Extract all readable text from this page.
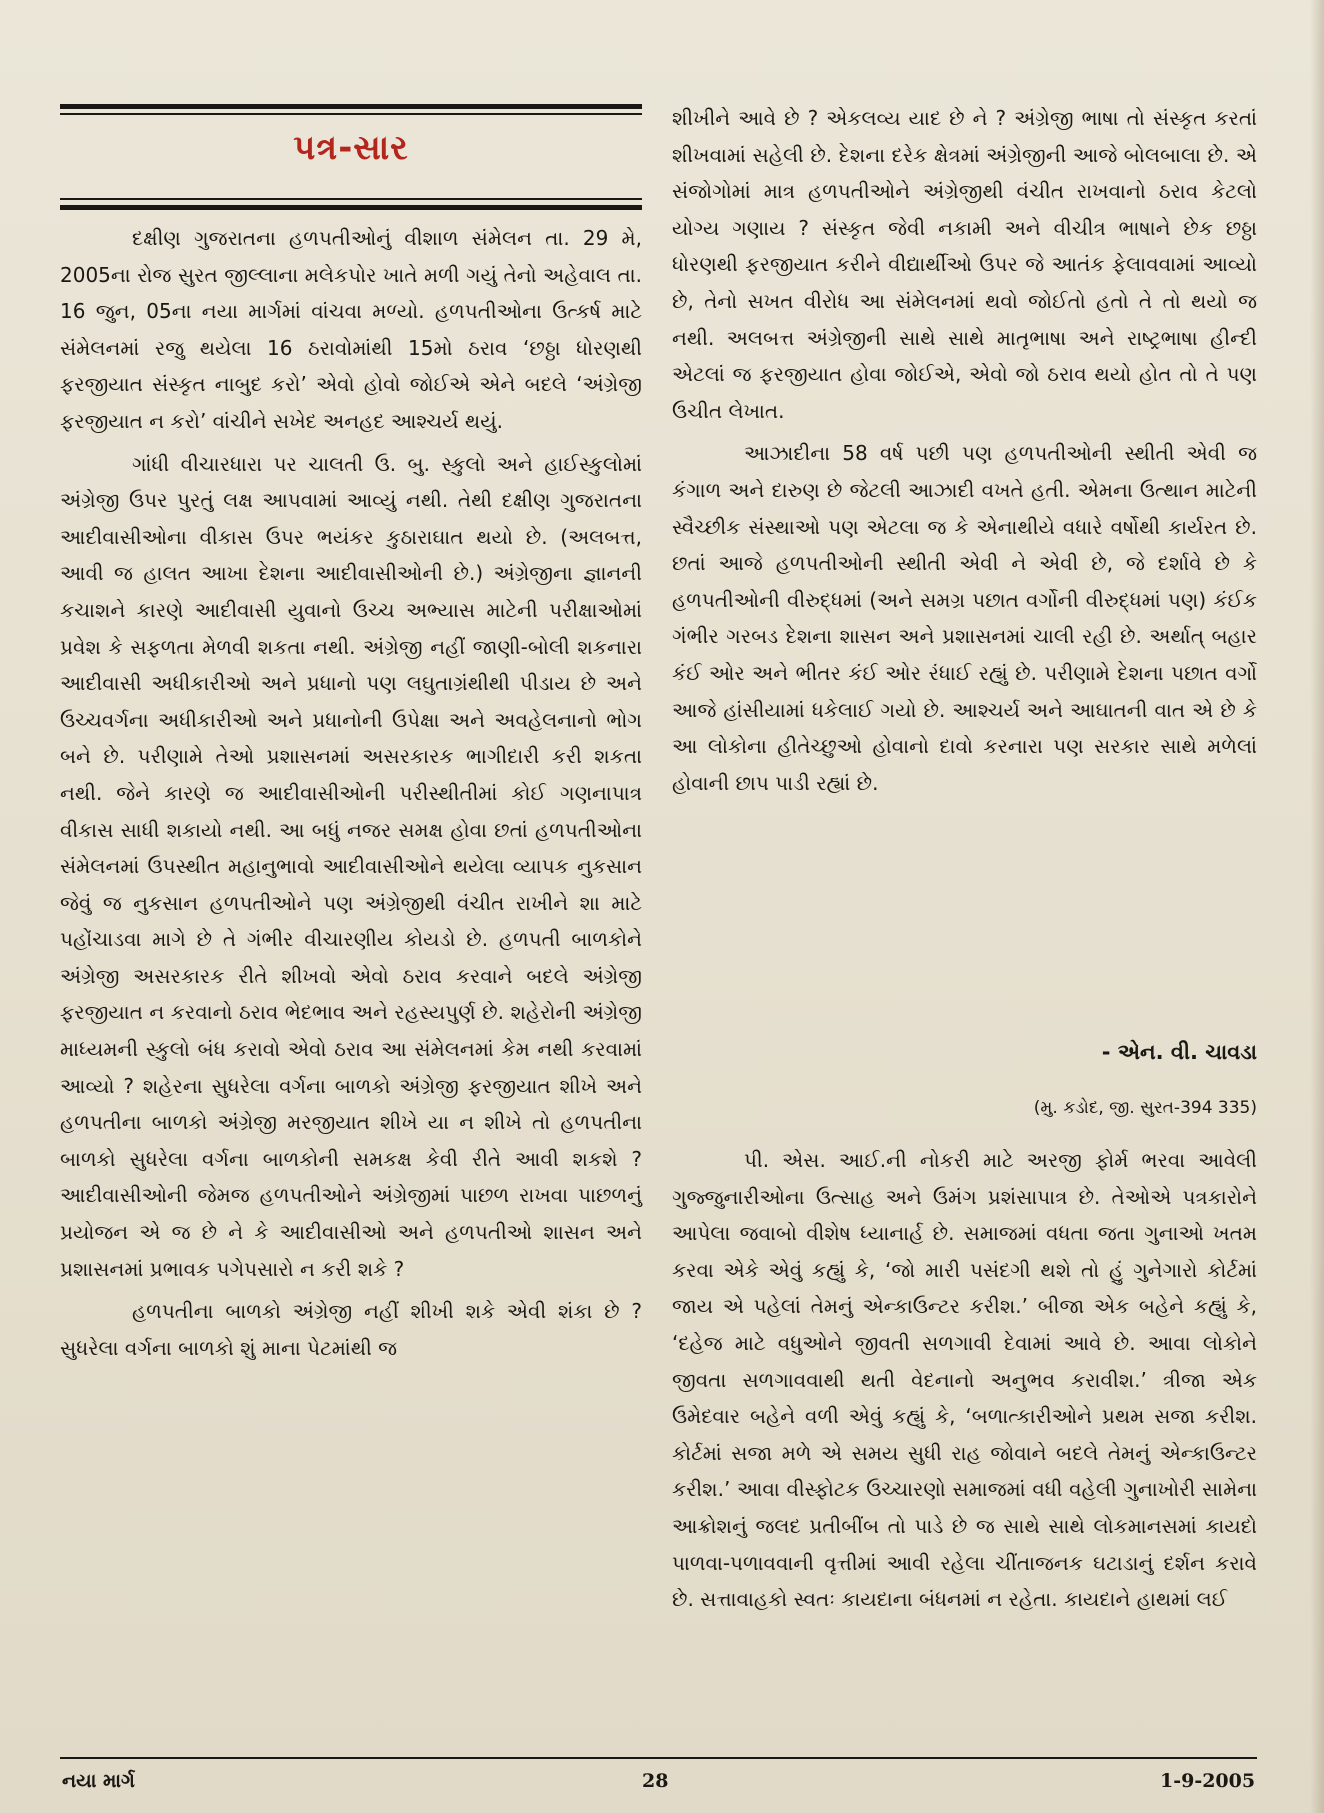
પત્ર-સાર

દક્ષીણ ગુજરાતના હળપતીઓનું વીશાળ સંમેલન તા. 29 મે, 2005ના રોજ સુરત જીલ્લાના મલેકપોર ખાતે મળી ગયું તેનો અહેવાલ તા. 16 જુન, 05ના નયા માર્ગમાં વાંચવા મળ્યો. હળપતીઓના ઉત્કર્ષ માટે સંમેલનમાં રજુ થયેલા 16 ઠરાવોમાંથી 15મો ઠરાવ ‘છઠ્ઠા ધોરણથી ફરજીયાત સંસ્કૃત નાબુદ કરો’ એવો હોવો જોઈએ એને બદલે ‘અંગ્રેજી ફરજીયાત ન કરો’ વાંચીને સખેદ અનહદ આશ્ચર્ય થયું.

ગાંધી વીચારધારા પર ચાલતી ઉ. બુ. સ્કુલો અને હાઈસ્કુલોમાં અંગ્રેજી ઉપર પુરતું લક્ષ આપવામાં આવ્યું નથી. તેથી દક્ષીણ ગુજરાતના આદીવાસીઓના વીકાસ ઉપર ભયંકર કુઠારાઘાત થયો છે. (અલબત્ત, આવી જ હાલત આખા દેશના આદીવાસીઓની છે.) અંગ્રેજીના જ્ઞાનની કચાશને કારણે આદીવાસી યુવાનો ઉચ્ચ અભ્યાસ માટેની પરીક્ષાઓમાં પ્રવેશ કે સફળતા મેળવી શકતા નથી. અંગ્રેજી નહીં જાણી-બોલી શકનારા આદીવાસી અધીકારીઓ અને પ્રધાનો પણ લઘુતાગ્રંથીથી પીડાય છે અને ઉચ્ચવર્ગના અધીકારીઓ અને પ્રધાનોની ઉપેક્ષા અને અવહેલનાનો ભોગ બને છે. પરીણામે તેઓ પ્રશાસનમાં અસરકારક ભાગીદારી કરી શકતા નથી. જેને કારણે જ આદીવાસીઓની પરીસ્થીતીમાં કોઈ ગણનાપાત્ર વીકાસ સાધી શકાયો નથી. આ બધું નજર સમક્ષ હોવા છતાં હળપતીઓના સંમેલનમાં ઉપસ્થીત મહાનુભાવો આદીવાસીઓને થયેલા વ્યાપક નુકસાન જેવું જ નુકસાન હળપતીઓને પણ અંગ્રેજીથી વંચીત રાખીને શા માટે પહોંચાડવા માગે છે તે ગંભીર વીચારણીય કોયડો છે. હળપતી બાળકોને અંગ્રેજી અસરકારક રીતે શીખવો એવો ઠરાવ કરવાને બદલે અંગ્રેજી ફરજીયાત ન કરવાનો ઠરાવ ભેદભાવ અને રહસ્યપુર્ણ છે. શહેરોની અંગ્રેજી માધ્યમની સ્કુલો બંધ કરાવો એવો ઠરાવ આ સંમેલનમાં કેમ નથી કરવામાં આવ્યો ? શહેરના સુધરેલા વર્ગના બાળકો અંગ્રેજી ફરજીયાત શીખે અને હળપતીના બાળકો અંગ્રેજી મરજીયાત શીખે યા ન શીખે તો હળપતીના બાળકો સુધરેલા વર્ગના બાળકોની સમકક્ષ કેવી રીતે આવી શકશે ? આદીવાસીઓની જેમજ હળપતીઓને અંગ્રેજીમાં પાછળ રાખવા પાછળનું પ્રયોજન એ જ છે ને કે આદીવાસીઓ અને હળપતીઓ શાસન અને પ્રશાસનમાં પ્રભાવક પગેપસારો ન કરી શકે ?

હળપતીના બાળકો અંગ્રેજી નહીં શીખી શકે એવી શંકા છે ? સુધરેલા વર્ગના બાળકો શું માના પેટમાંથી જ

શીખીને આવે છે ? એકલવ્ય યાદ છે ને ? અંગ્રેજી ભાષા તો સંસ્કૃત કરતાં શીખવામાં સહેલી છે. દેશના દરેક ક્ષેત્રમાં અંગ્રેજીની આજે બોલબાલા છે. એ સંજોગોમાં માત્ર હળપતીઓને અંગ્રેજીથી વંચીત રાખવાનો ઠરાવ કેટલો યોગ્ય ગણાય ? સંસ્કૃત જેવી નકામી અને વીચીત્ર ભાષાને છેક છઠ્ઠા ધોરણથી ફરજીયાત કરીને વીદ્યાર્થીઓ ઉપર જે આતંક ફેલાવવામાં આવ્યો છે, તેનો સખત વીરોધ આ સંમેલનમાં થવો જોઈતો હતો તે તો થયો જ નથી. અલબત્ત અંગ્રેજીની સાથે સાથે માતૃભાષા અને રાષ્ટ્રભાષા હીન્દી એટલાં જ ફરજીયાત હોવા જોઈએ, એવો જો ઠરાવ થયો હોત તો તે પણ ઉચીત લેખાત.

આઝાદીના 58 વર્ષ પછી પણ હળપતીઓની સ્થીતી એવી જ કંગાળ અને દારુણ છે જેટલી આઝાદી વખતે હતી. એમના ઉત્થાન માટેની સ્વૈચ્છીક સંસ્થાઓ પણ એટલા જ કે એનાથીયે વધારે વર્ષોથી કાર્યરત છે. છતાં આજે હળપતીઓની સ્થીતી એવી ને એવી છે, જે દર્શાવે છે કે હળપતીઓની વીરુદ્ધમાં (અને સમગ્ર પછાત વર્ગોની વીરુદ્ધમાં પણ) કંઈક ગંભીર ગરબડ દેશના શાસન અને પ્રશાસનમાં ચાલી રહી છે. અર્થાત્ બહાર કંઈ ઓર અને ભીતર કંઈ ઓર રંધાઈ રહ્યું છે. પરીણામે દેશના પછાત વર્ગો આજે હાંસીયામાં ધકેલાઈ ગયો છે. આશ્ચર્ય અને આઘાતની વાત એ છે કે આ લોકોના હીતેચ્છુઓ હોવાનો દાવો કરનારા પણ સરકાર સાથે મળેલાં હોવાની છાપ પાડી રહ્યાં છે.

- એન. વી. ચાવડા
(મુ. કડોદ, જી. સુરત-394 335)

પી. એસ. આઈ.ની નોકરી માટે અરજી ફોર્મ ભરવા આવેલી ગુજ્જુનારીઓના ઉત્સાહ અને ઉમંગ પ્રશંસાપાત્ર છે. તેઓએ પત્રકારોને આપેલા જવાબો વીશેષ ધ્યાનાર્હ છે. સમાજમાં વધતા જતા ગુનાઓ ખતમ કરવા એકે એવું કહ્યું કે, ‘જો મારી પસંદગી થશે તો હું ગુનેગારો કોર્ટમાં જાય એ પહેલાં તેમનું એન્કાઉન્ટર કરીશ.’ બીજા એક બહેને કહ્યું કે, ‘દહેજ માટે વધુઓને જીવતી સળગાવી દેવામાં આવે છે. આવા લોકોને જીવતા સળગાવવાથી થતી વેદનાનો અનુભવ કરાવીશ.’ ત્રીજા એક ઉમેદવાર બહેને વળી એવું કહ્યું કે, ‘બળાત્કારીઓને પ્રથમ સજા કરીશ. કોર્ટમાં સજા મળે એ સમય સુધી રાહ જોવાને બદલે તેમનું એન્કાઉન્ટર કરીશ.’ આવા વીસ્ફોટક ઉચ્ચારણો સમાજમાં વધી વહેલી ગુનાખોરી સામેના આક્રોશનું જલદ પ્રતીબીંબ તો પાડે છે જ સાથે સાથે લોકમાનસમાં કાયદો પાળવા-પળાવવાની વૃત્તીમાં આવી રહેલા ચીંતાજનક ઘટાડાનું દર્શન કરાવે છે. સત્તાવાહકો સ્વતઃ કાયદાના બંધનમાં ન રહેતા. કાયદાને હાથમાં લઈ

નયા માર્ગ	28	1-9-2005
